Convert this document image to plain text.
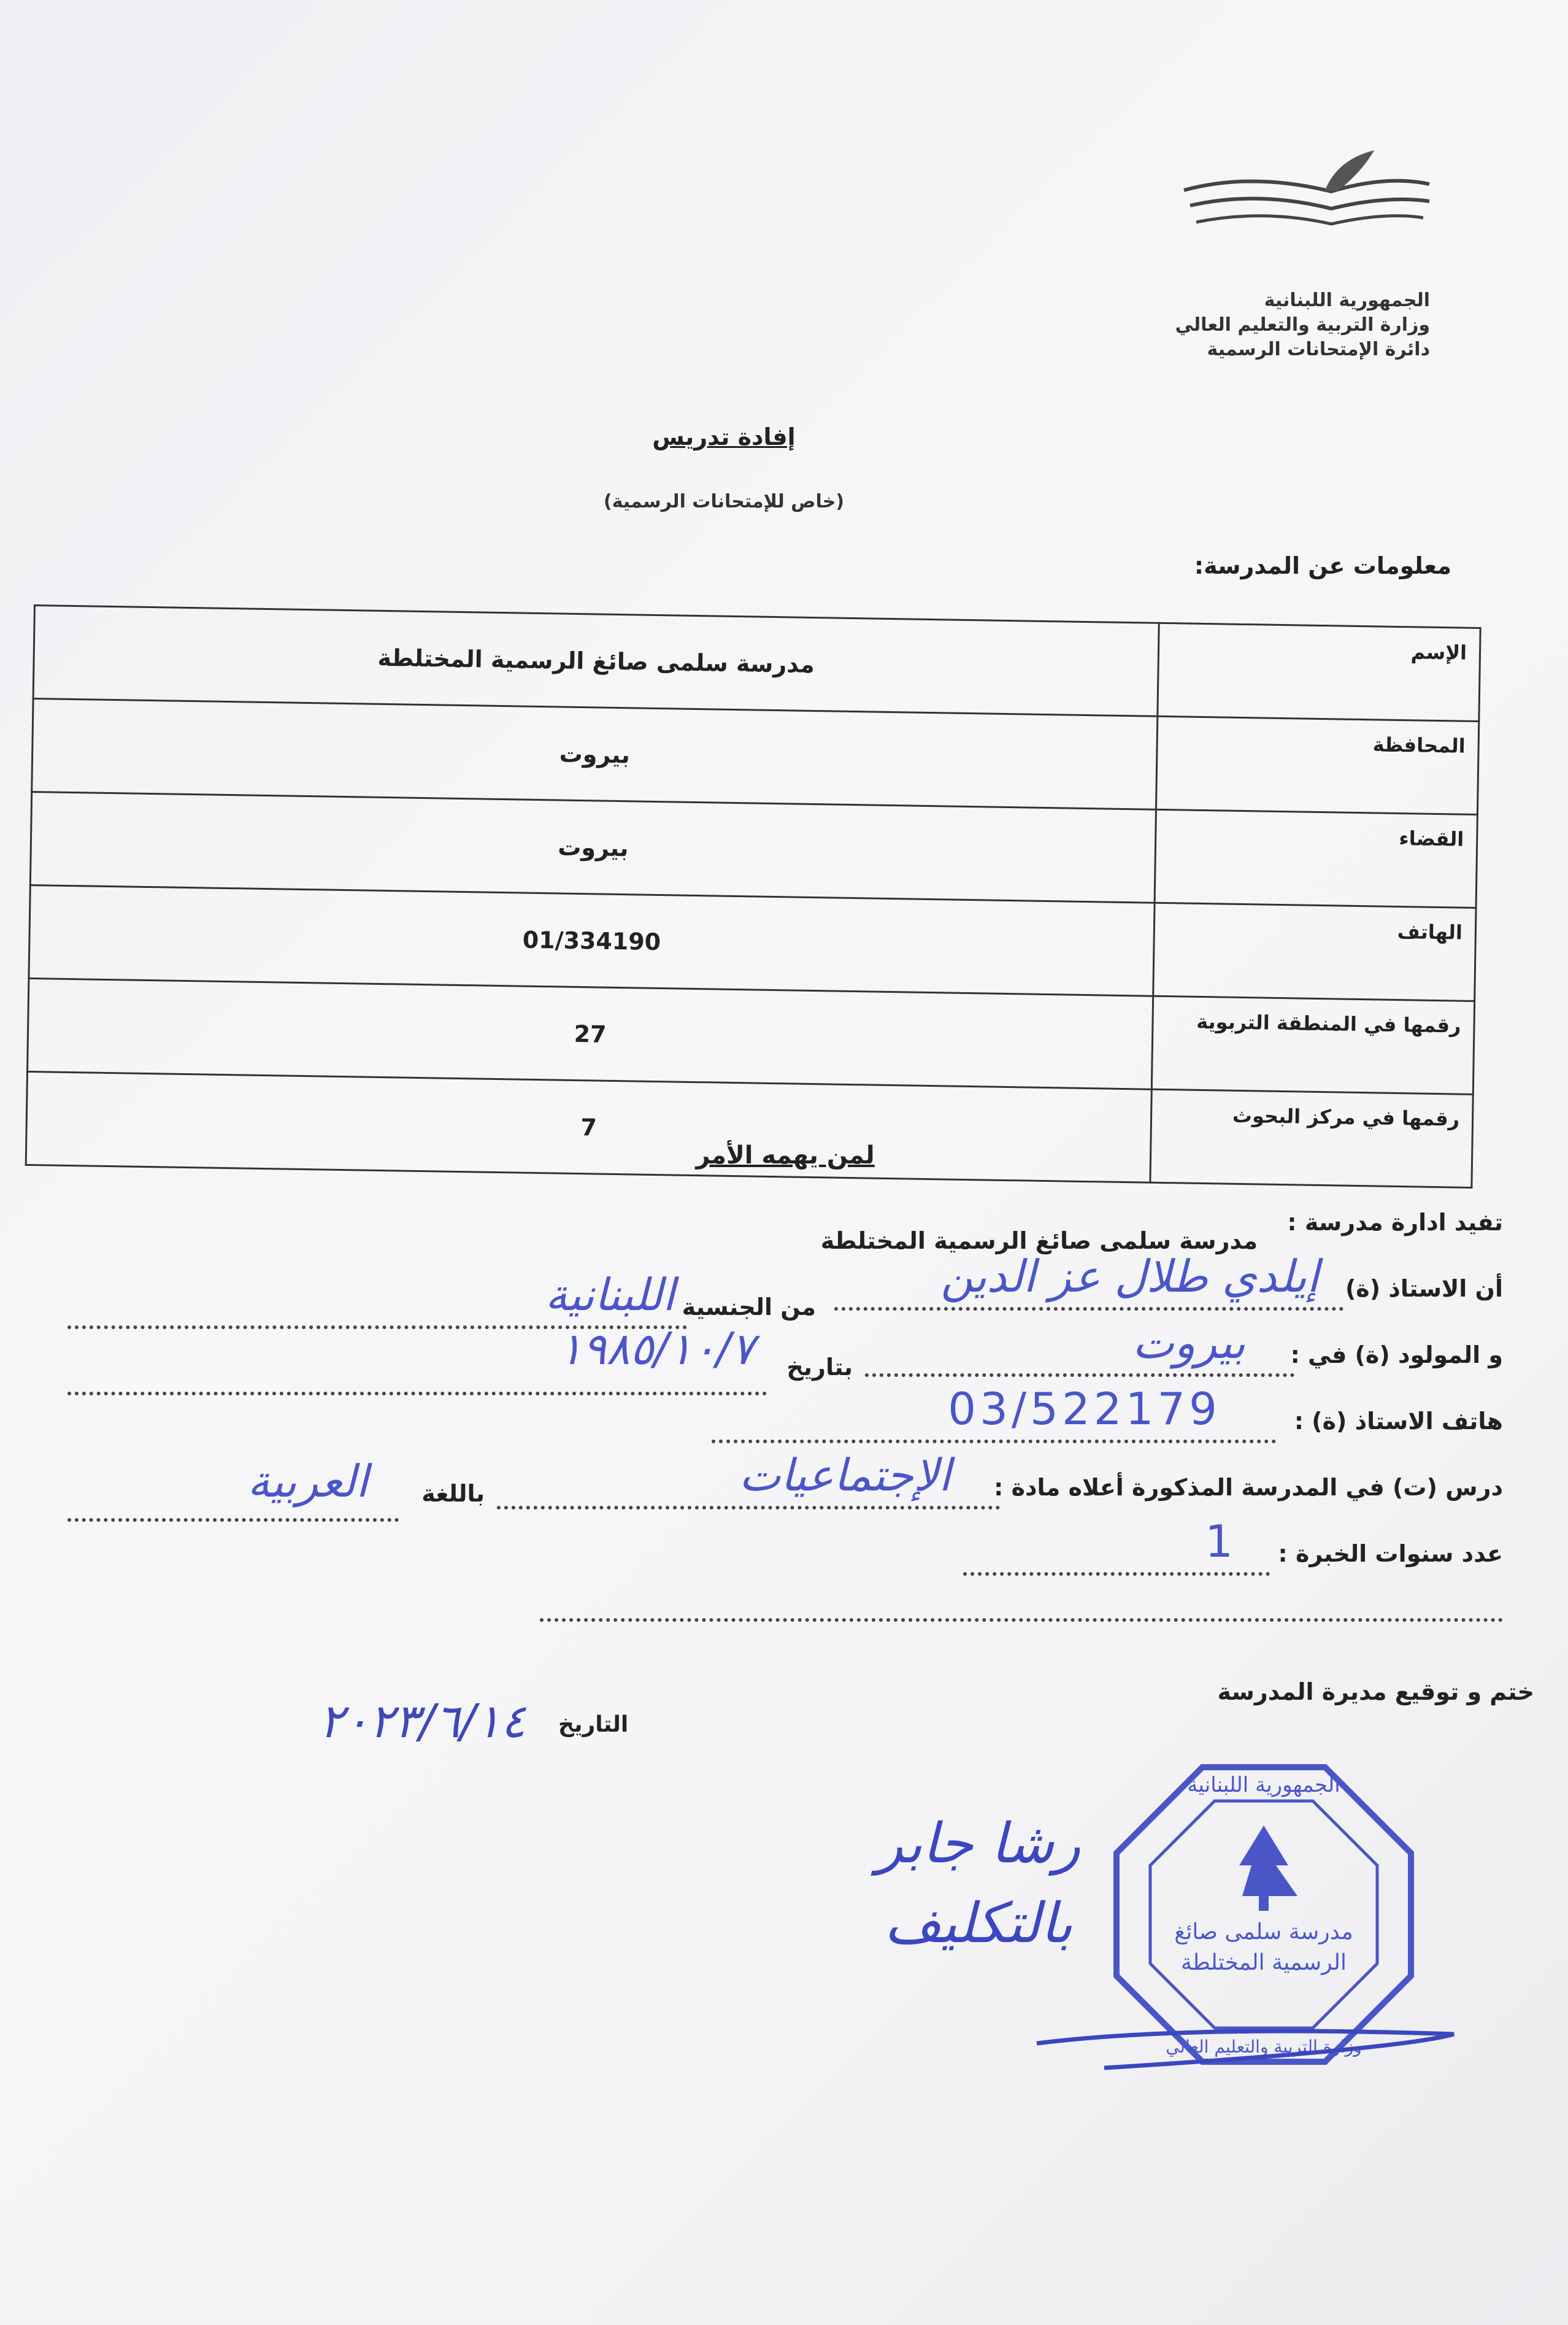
الجمهورية اللبنانية
وزارة التربية والتعليم العالي
دائرة الإمتحانات الرسمية
إفادة تدريس
(خاص للإمتحانات الرسمية)
معلومات عن المدرسة:
الإسم	مدرسة سلمى صائغ الرسمية المختلطة
المحافظة	بيروت
القضاء	بيروت
الهاتف	01/334190
رقمها في المنطقة التربوية	27
رقمها في مركز البحوث	7
لمن يهمه الأمر
تفيد ادارة مدرسة :
مدرسة سلمى صائغ الرسمية المختلطة
أن الاستاذ (ة)
إيلدي طلال عز الدين
من الجنسية
اللبنانية
و المولود (ة) في :
بيروت
بتاريخ
١٩٨٥/١٠/٧
هاتف الاستاذ (ة) :
03/522179
درس (ت) في المدرسة المذكورة أعلاه مادة :
الإجتماعيات
باللغة
العربية
عدد سنوات الخبرة :
1
ختم و توقيع مديرة المدرسة
التاريخ
٢٠٢٣/٦/١٤
رشا جابر
بالتكليف
الجمهورية اللبنانية
مدرسة سلمى صائغ
الرسمية المختلطة
وزارة التربية والتعليم العالي
